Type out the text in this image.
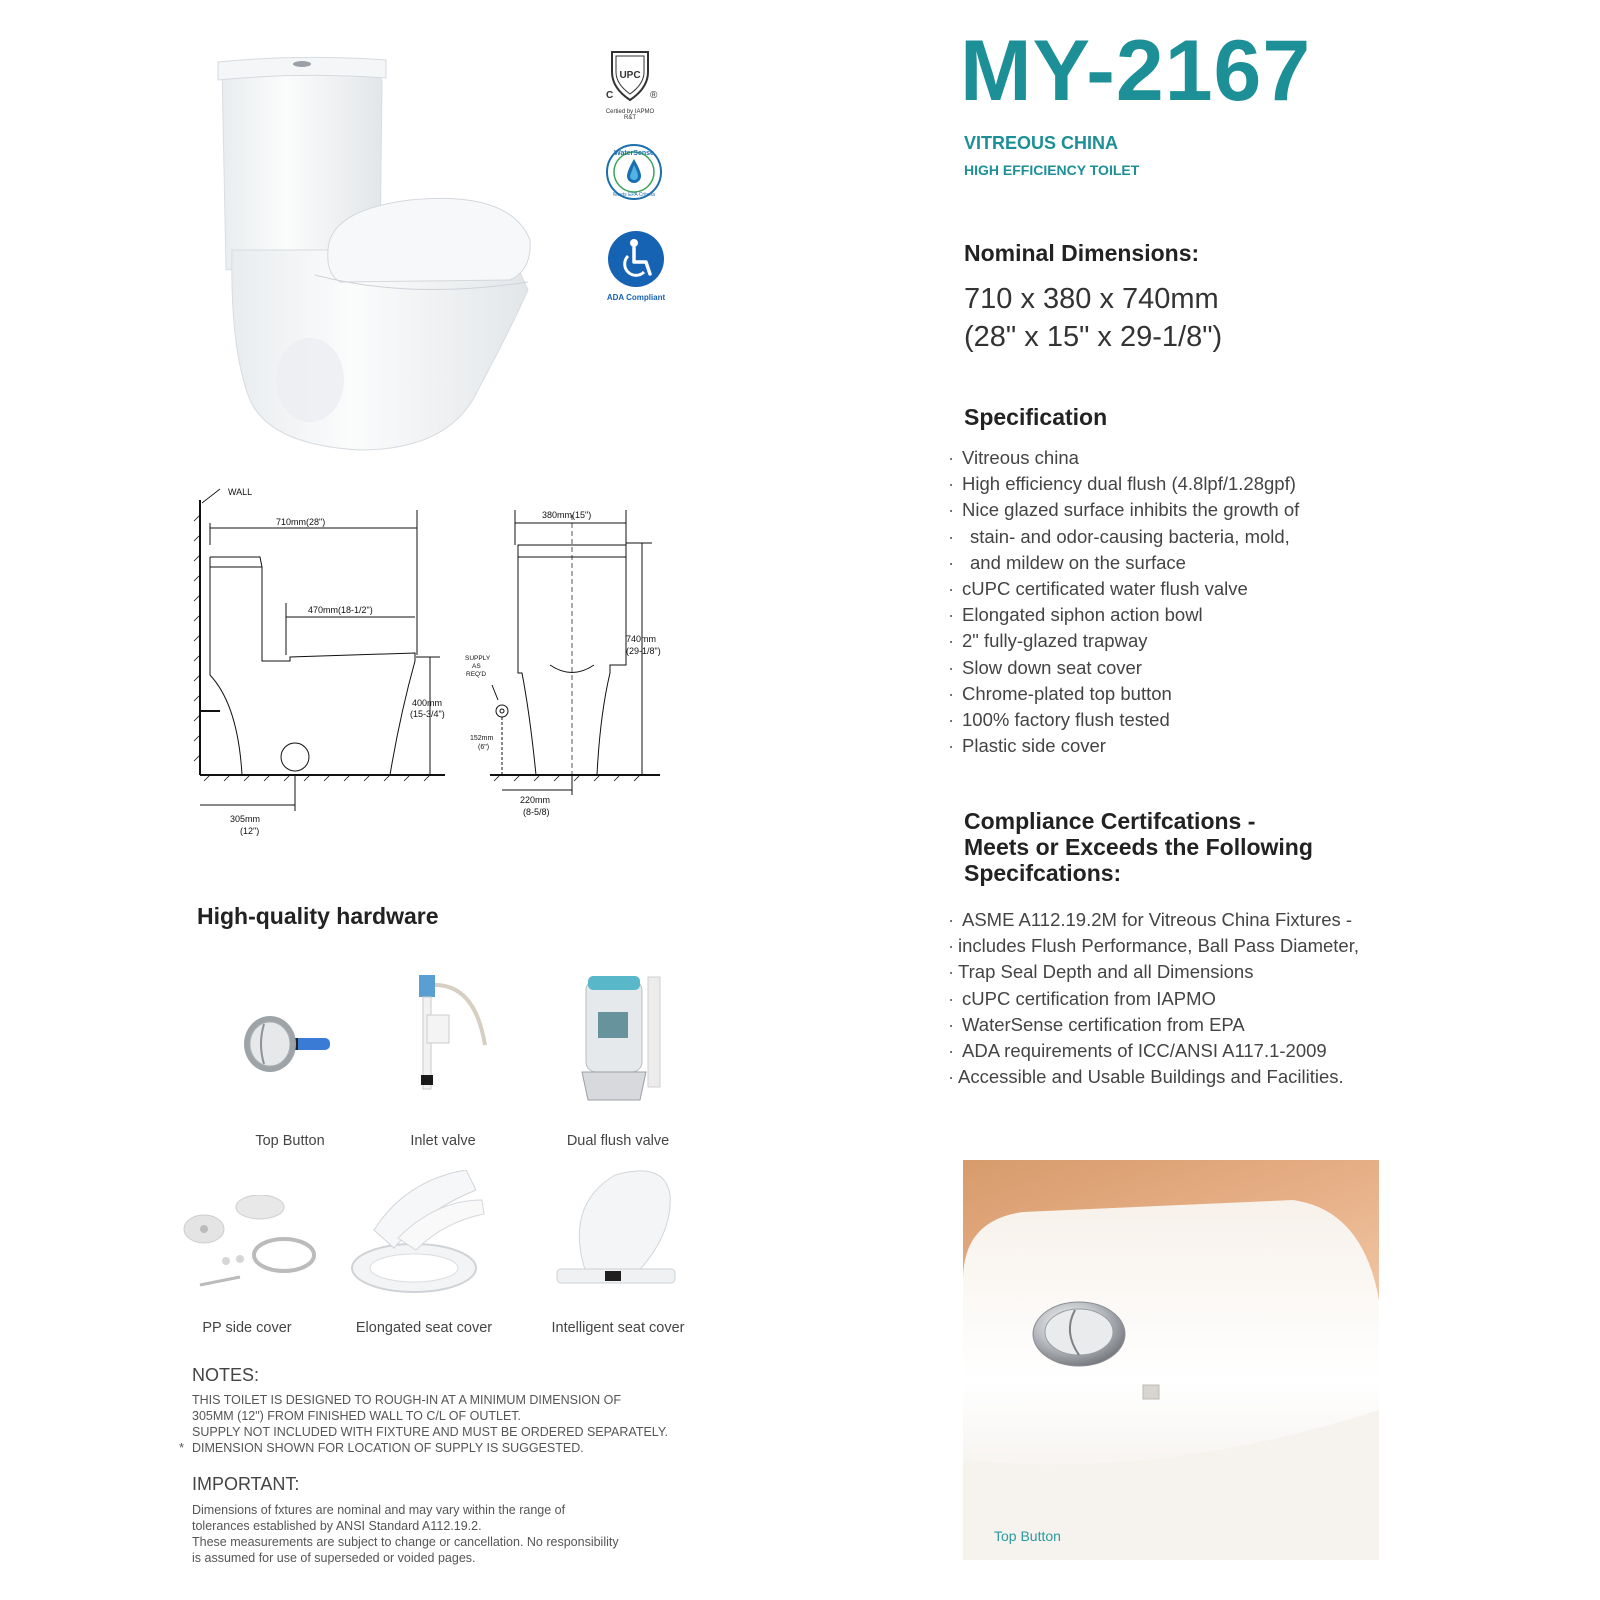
UPC
C	®
Certied by IAPMO R&T
WaterSense
Meets EPA Criteria
ADA Compliant
WALL
710mm(28")
470mm(18-1/2")
400mm
(15-3/4")
305mm
(12")
380mm(15")
740mm
(29-1/8")
SUPPLY
AS
REQ'D
152mm
(6")
220mm
(8-5/8)
High-quality hardware
Top Button	Inlet valve	Dual flush valve
PP side cover	Elongated seat cover	Intelligent seat cover
NOTES:
THIS TOILET IS DESIGNED TO ROUGH-IN AT A MINIMUM DIMENSION OF
305MM (12") FROM FINISHED WALL TO C/L OF OUTLET.
SUPPLY NOT INCLUDED WITH FIXTURE AND MUST BE ORDERED SEPARATELY.
DIMENSION SHOWN FOR LOCATION OF SUPPLY IS SUGGESTED.
*
IMPORTANT:
Dimensions of fxtures are nominal and may vary within the range of
tolerances established by ANSI Standard A112.19.2.
These measurements are subject to change or cancellation. No responsibility
is assumed for use of superseded or voided pages.
MY-2167
VITREOUS CHINA
HIGH EFFICIENCY TOILET
Nominal Dimensions:
710 x 380 x 740mm
(28" x 15" x 29-1/8")
Specification
· Vitreous china
· High efficiency dual flush (4.8lpf/1.28gpf)
· Nice glazed surface inhibits the growth of
· stain- and odor-causing bacteria, mold,
· and mildew on the surface
· cUPC certificated water flush valve
· Elongated siphon action bowl
· 2" fully-glazed trapway
· Slow down seat cover
· Chrome-plated top button
· 100% factory flush tested
· Plastic side cover
Compliance Certifcations -
Meets or Exceeds the Following
Specifcations:
· ASME A112.19.2M for Vitreous China Fixtures -
· includes Flush Performance, Ball Pass Diameter,
· Trap Seal Depth and all Dimensions
· cUPC certification from IAPMO
· WaterSense certification from EPA
· ADA requirements of ICC/ANSI A117.1-2009
· Accessible and Usable Buildings and Facilities.
Top Button
